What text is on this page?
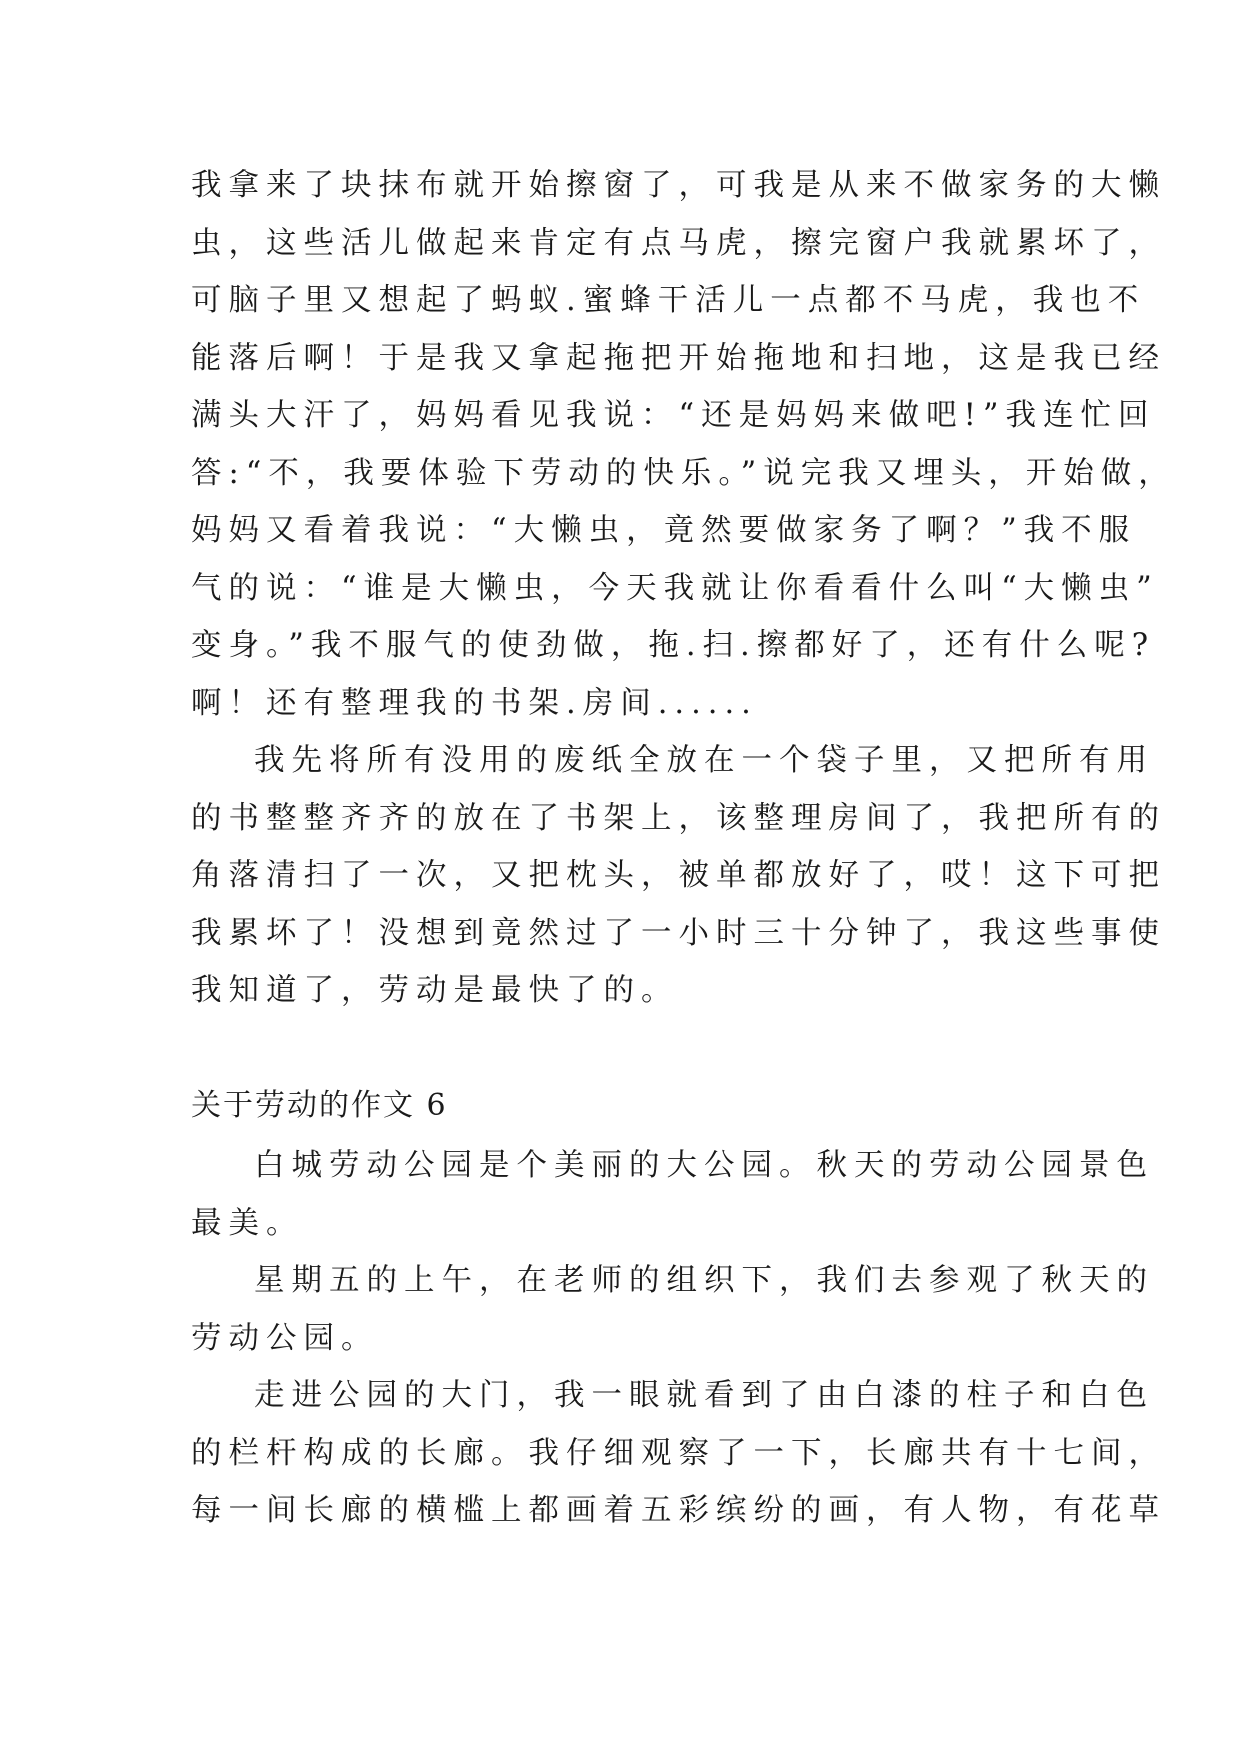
我拿来了块抹布就开始擦窗了，可我是从来不做家务的大懒
虫，这些活儿做起来肯定有点马虎，擦完窗户我就累坏了，
可脑子里又想起了蚂蚁.蜜蜂干活儿一点都不马虎，我也不
能落后啊！于是我又拿起拖把开始拖地和扫地，这是我已经
满头大汗了，妈妈看见我说：“还是妈妈来做吧!”我连忙回
答:“不，我要体验下劳动的快乐。”说完我又埋头，开始做，
妈妈又看着我说：“大懒虫，竟然要做家务了啊？”我不服
气的说：“谁是大懒虫，今天我就让你看看什么叫“大懒虫”
变身。”我不服气的使劲做，拖.扫.擦都好了，还有什么呢?
啊！还有整理我的书架.房间......
我先将所有没用的废纸全放在一个袋子里，又把所有用
的书整整齐齐的放在了书架上，该整理房间了，我把所有的
角落清扫了一次，又把枕头，被单都放好了，哎！这下可把
我累坏了！没想到竟然过了一小时三十分钟了，我这些事使
我知道了，劳动是最快了的。
关于劳动的作文 6
白城劳动公园是个美丽的大公园。秋天的劳动公园景色
最美。
星期五的上午，在老师的组织下，我们去参观了秋天的
劳动公园。
走进公园的大门，我一眼就看到了由白漆的柱子和白色
的栏杆构成的长廊。我仔细观察了一下，长廊共有十七间，
每一间长廊的横槛上都画着五彩缤纷的画，有人物，有花草
